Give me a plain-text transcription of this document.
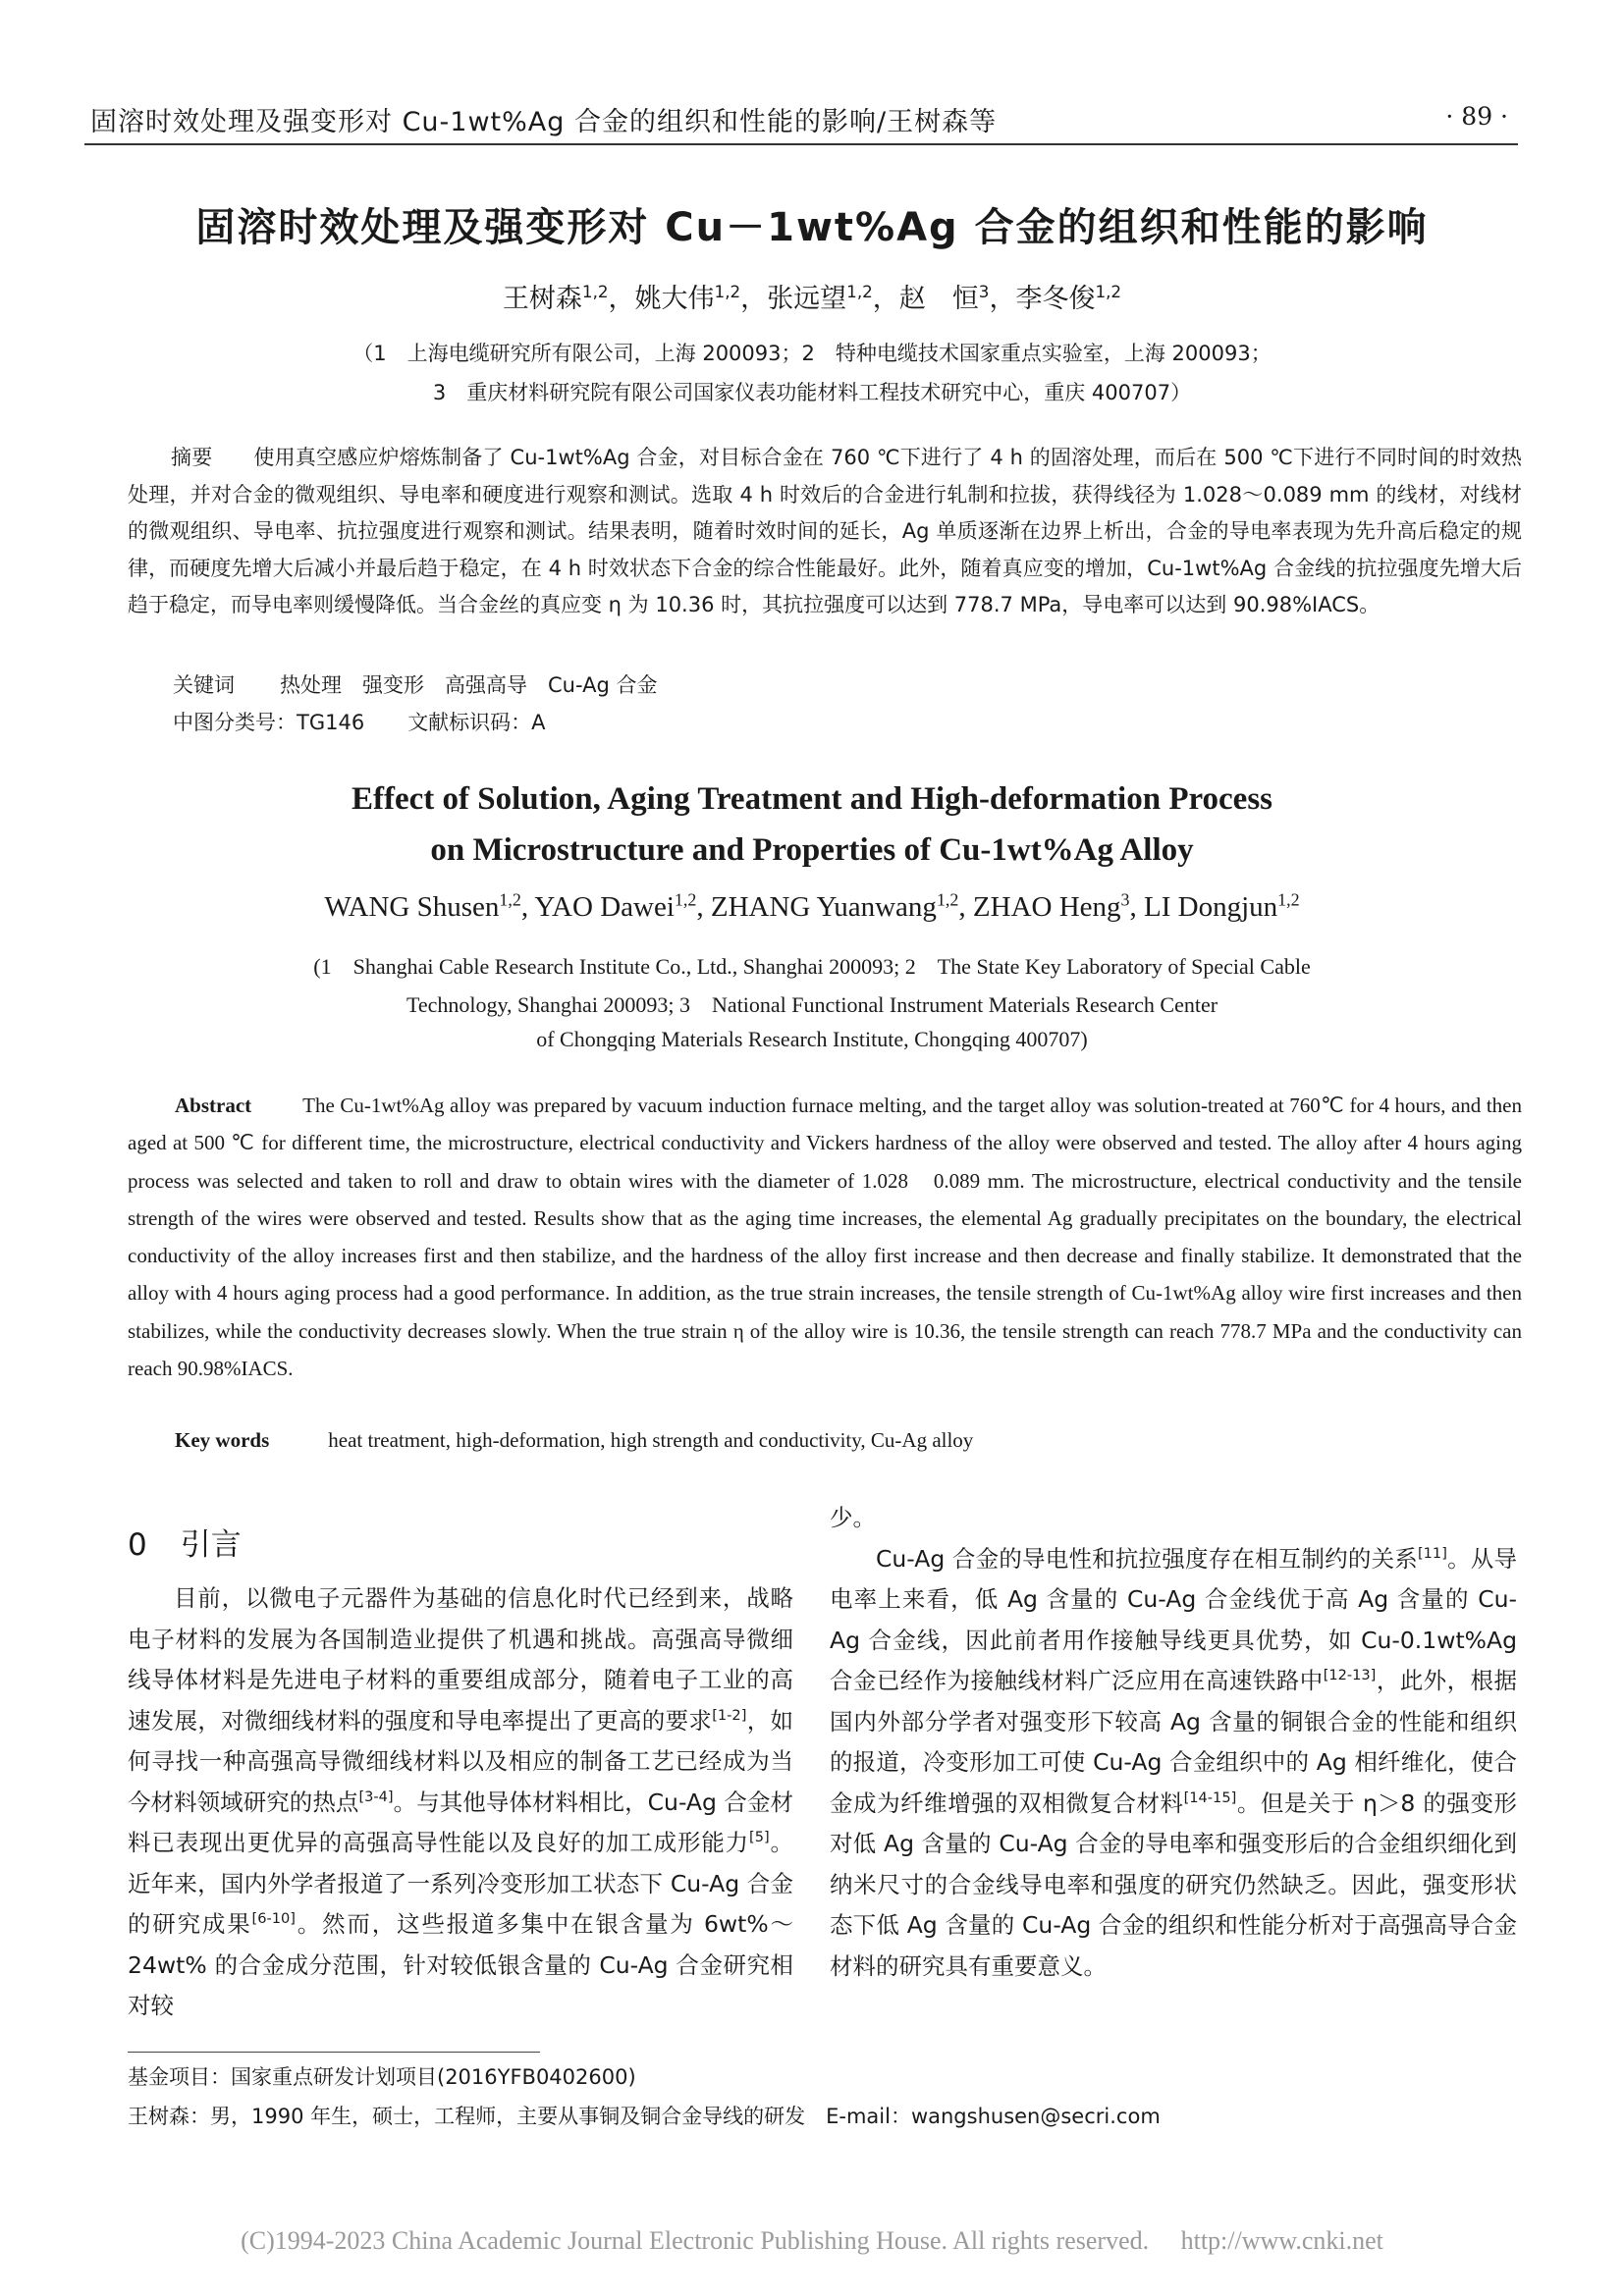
固溶时效处理及强变形对 Cu-1wt%Ag 合金的组织和性能的影响/王树森等	· 89 ·
固溶时效处理及强变形对 Cu－1wt%Ag 合金的组织和性能的影响
王树森$^{1,2}$，姚大伟$^{1,2}$，张远望$^{1,2}$，赵　恒$^3$，李冬俊$^{1,2}$
（1　上海电缆研究所有限公司，上海 200093；2　特种电缆技术国家重点实验室，上海 200093；
3　重庆材料研究院有限公司国家仪表功能材料工程技术研究中心，重庆 400707）
摘要 使用真空感应炉熔炼制备了 Cu-1wt%Ag 合金，对目标合金在 760 ℃下进行了 4 h 的固溶处理，而后在 500 ℃下进行不同时间的时效热处理，并对合金的微观组织、导电率和硬度进行观察和测试。选取 4 h 时效后的合金进行轧制和拉拔，获得线径为 1.028～0.089 mm 的线材，对线材的微观组织、导电率、抗拉强度进行观察和测试。结果表明，随着时效时间的延长，Ag 单质逐渐在边界上析出，合金的导电率表现为先升高后稳定的规律，而硬度先增大后减小并最后趋于稳定，在 4 h 时效状态下合金的综合性能最好。此外，随着真应变的增加，Cu-1wt%Ag 合金线的抗拉强度先增大后趋于稳定，而导电率则缓慢降低。当合金丝的真应变 η 为 10.36 时，其抗拉强度可以达到 778.7 MPa，导电率可以达到 90.98%IACS。
关键词 热处理　 强变形　 高强高导　 Cu-Ag 合金
中图分类号：TG146 文献标识码：A
Effect of Solution, Aging Treatment and High-deformation Process
on Microstructure and Properties of Cu-1wt%Ag Alloy
WANG Shusen$^{1,2}$, YAO Dawei$^{1,2}$, ZHANG Yuanwang$^{1,2}$, ZHAO Heng$^3$, LI Dongjun$^{1,2}$
(1　Shanghai Cable Research Institute Co., Ltd., Shanghai 200093; 2　The State Key Laboratory of Special Cable
Technology, Shanghai 200093; 3　National Functional Instrument Materials Research Center
of Chongqing Materials Research Institute, Chongqing 400707)
Abstract The Cu-1wt%Ag alloy was prepared by vacuum induction furnace melting, and the target alloy was solution-treated at 760℃ for 4 hours, and then aged at 500 ℃ for different time, the microstructure, electrical conductivity and Vickers hardness of the alloy were observed and tested. The alloy after 4 hours aging process was selected and taken to roll and draw to obtain wires with the diameter of 1.028　0.089 mm. The microstructure, electrical conductivity and the tensile strength of the wires were observed and tested. Results show that as the aging time increases, the elemental Ag gradually precipitates on the boundary, the electrical conductivity of the alloy increases first and then stabilize, and the hardness of the alloy first increase and then decrease and finally stabilize. It demonstrated that the alloy with 4 hours aging process had a good performance. In addition, as the true strain increases, the tensile strength of Cu-1wt%Ag alloy wire first increases and then stabilizes, while the conductivity decreases slowly. When the true strain η of the alloy wire is 10.36, the tensile strength can reach 778.7 MPa and the conductivity can reach 90.98%IACS.
Key words	heat treatment, high-deformation, high strength and conductivity, Cu-Ag alloy
0 引言
目前，以微电子元器件为基础的信息化时代已经到来，战略电子材料的发展为各国制造业提供了机遇和挑战。高强高导微细线导体材料是先进电子材料的重要组成部分，随着电子工业的高速发展，对微细线材料的强度和导电率提出了更高的要求[1-2]，如何寻找一种高强高导微细线材料以及相应的制备工艺已经成为当今材料领域研究的热点[3-4]。与其他导体材料相比，Cu-Ag 合金材料已表现出更优异的高强高导性能以及良好的加工成形能力[5]。近年来，国内外学者报道了一系列冷变形加工状态下 Cu-Ag 合金的研究成果[6-10]。然而，这些报道多集中在银含量为 6wt%～24wt% 的合金成分范围，针对较低银含量的 Cu-Ag 合金研究相对较
少。
Cu-Ag 合金的导电性和抗拉强度存在相互制约的关系[11]。从导电率上来看，低 Ag 含量的 Cu-Ag 合金线优于高 Ag 含量的 Cu-Ag 合金线，因此前者用作接触导线更具优势，如 Cu-0.1wt%Ag 合金已经作为接触线材料广泛应用在高速铁路中[12-13]，此外，根据国内外部分学者对强变形下较高 Ag 含量的铜银合金的性能和组织的报道，冷变形加工可使 Cu-Ag 合金组织中的 Ag 相纤维化，使合金成为纤维增强的双相微复合材料[14-15]。但是关于 η＞8 的强变形对低 Ag 含量的 Cu-Ag 合金的导电率和强变形后的合金组织细化到纳米尺寸的合金线导电率和强度的研究仍然缺乏。因此，强变形状态下低 Ag 含量的 Cu-Ag 合金的组织和性能分析对于高强高导合金材料的研究具有重要意义。
基金项目：国家重点研发计划项目(2016YFB0402600)
王树森：男，1990 年生，硕士，工程师，主要从事铜及铜合金导线的研发　E-mail：wangshusen@secri.com
(C)1994-2023 China Academic Journal Electronic Publishing House. All rights reserved.　 http://www.cnki.net
